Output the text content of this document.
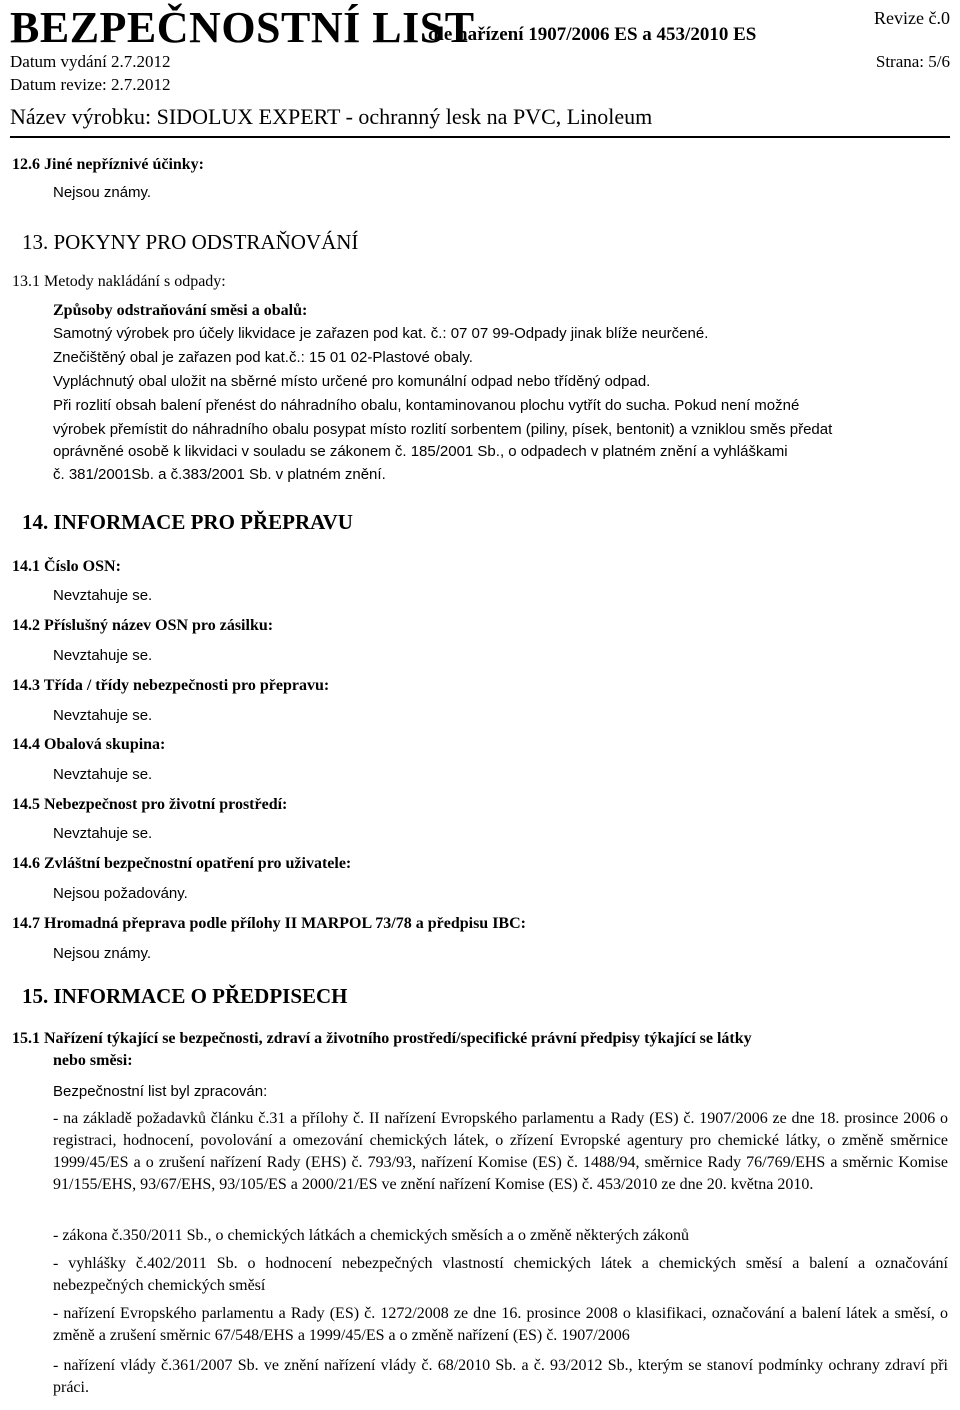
BEZPEČNOSTNÍ LIST
dle nařízení 1907/2006 ES a 453/2010 ES
Revize č.0
Datum vydání 2.7.2012
Datum revize: 2.7.2012
Strana: 5/6
Název výrobku: SIDOLUX EXPERT - ochranný lesk na PVC, Linoleum
12.6 Jiné nepříznivé účinky:
Nejsou známy.
13. POKYNY PRO ODSTRAŇOVÁNÍ
13.1 Metody nakládání s odpady:
Způsoby odstraňování směsi a obalů:
Samotný výrobek pro účely likvidace je zařazen pod kat. č.: 07 07 99-Odpady jinak blíže neurčené.
Znečištěný obal je zařazen pod kat.č.: 15 01 02-Plastové obaly.
Vypláchnutý obal uložit na sběrné místo určené pro komunální odpad nebo tříděný odpad.
Při rozlití obsah balení přenést do náhradního obalu, kontaminovanou plochu vytřít do sucha. Pokud není možné
výrobek přemístit do náhradního obalu posypat místo rozlití sorbentem (piliny, písek, bentonit) a vzniklou směs předat
oprávněné osobě k likvidaci v souladu se zákonem č. 185/2001 Sb., o odpadech v platném znění a vyhláškami
č. 381/2001Sb. a č.383/2001 Sb. v platném znění.
14. INFORMACE PRO PŘEPRAVU
14.1 Číslo OSN:
Nevztahuje se.
14.2 Příslušný název OSN pro zásilku:
Nevztahuje se.
14.3 Třída / třídy nebezpečnosti pro přepravu:
Nevztahuje se.
14.4 Obalová skupina:
Nevztahuje se.
14.5 Nebezpečnost pro životní prostředí:
Nevztahuje se.
14.6 Zvláštní bezpečnostní opatření pro uživatele:
Nejsou požadovány.
14.7 Hromadná přeprava podle přílohy II MARPOL 73/78 a předpisu IBC:
Nejsou známy.
15. INFORMACE O PŘEDPISECH
15.1 Nařízení týkající se bezpečnosti, zdraví a životního prostředí/specifické právní předpisy týkající se látky
nebo směsi:
Bezpečnostní list byl zpracován:
- na základě požadavků článku č.31 a přílohy č. II nařízení Evropského parlamentu a Rady (ES) č. 1907/2006 ze dne 18. prosince 2006 o registraci, hodnocení, povolování a omezování chemických látek, o zřízení Evropské agentury pro chemické látky, o změně směrnice 1999/45/ES a o zrušení nařízení Rady (EHS) č. 793/93, nařízení Komise (ES) č. 1488/94, směrnice Rady 76/769/EHS a směrnic Komise 91/155/EHS, 93/67/EHS, 93/105/ES a 2000/21/ES ve znění nařízení Komise (ES) č. 453/2010 ze dne 20. května 2010.
- zákona č.350/2011 Sb., o chemických látkách a chemických směsích a o změně některých zákonů
- vyhlášky č.402/2011 Sb. o hodnocení nebezpečných vlastností chemických látek a chemických směsí a balení a označování nebezpečných chemických směsí
- nařízení Evropského parlamentu a Rady (ES) č. 1272/2008 ze dne 16. prosince 2008 o klasifikaci, označování a balení látek a směsí, o změně a zrušení směrnic 67/548/EHS a 1999/45/ES a o změně nařízení (ES) č. 1907/2006
- nařízení vlády č.361/2007 Sb. ve znění nařízení vlády č. 68/2010 Sb. a č. 93/2012 Sb., kterým se stanoví podmínky ochrany zdraví při práci.
